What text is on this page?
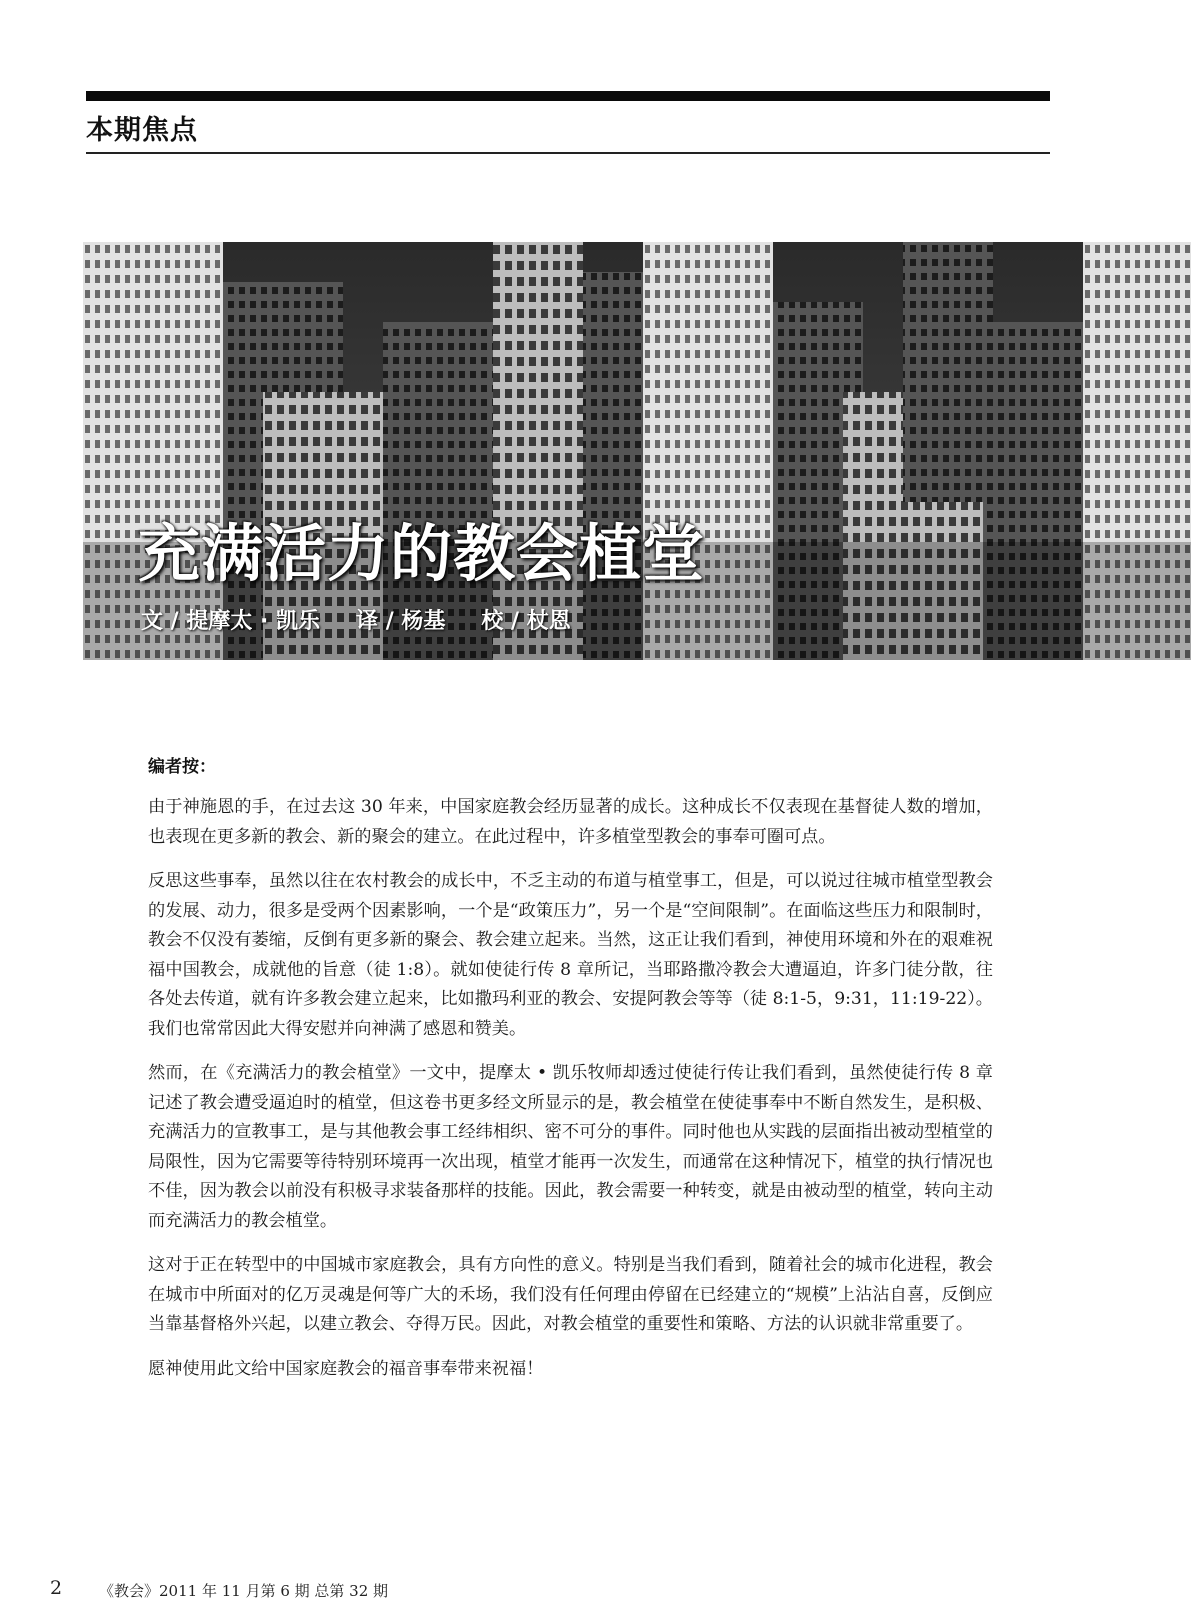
本期焦点
充满活力的教会植堂
文 / 提摩太 · 凯乐 译 / 杨基 校 / 杖恩
编者按：

由于神施恩的手，在过去这 30 年来，中国家庭教会经历显著的成长。这种成长不仅表现在基督徒人数的增加，也表现在更多新的教会、新的聚会的建立。在此过程中，许多植堂型教会的事奉可圈可点。

反思这些事奉，虽然以往在农村教会的成长中，不乏主动的布道与植堂事工，但是，可以说过往城市植堂型教会的发展、动力，很多是受两个因素影响，一个是“政策压力”，另一个是“空间限制”。在面临这些压力和限制时，教会不仅没有萎缩，反倒有更多新的聚会、教会建立起来。当然，这正让我们看到，神使用环境和外在的艰难祝福中国教会，成就他的旨意（徒 1:8）。就如使徒行传 8 章所记，当耶路撒冷教会大遭逼迫，许多门徒分散，往各处去传道，就有许多教会建立起来，比如撒玛利亚的教会、安提阿教会等等（徒 8:1-5，9:31，11:19-22）。我们也常常因此大得安慰并向神满了感恩和赞美。

然而，在《充满活力的教会植堂》一文中，提摩太 • 凯乐牧师却透过使徒行传让我们看到，虽然使徒行传 8 章记述了教会遭受逼迫时的植堂，但这卷书更多经文所显示的是，教会植堂在使徒事奉中不断自然发生，是积极、充满活力的宣教事工，是与其他教会事工经纬相织、密不可分的事件。同时他也从实践的层面指出被动型植堂的局限性，因为它需要等待特别环境再一次出现，植堂才能再一次发生，而通常在这种情况下，植堂的执行情况也不佳，因为教会以前没有积极寻求装备那样的技能。因此，教会需要一种转变，就是由被动型的植堂，转向主动而充满活力的教会植堂。

这对于正在转型中的中国城市家庭教会，具有方向性的意义。特别是当我们看到，随着社会的城市化进程，教会在城市中所面对的亿万灵魂是何等广大的禾场，我们没有任何理由停留在已经建立的“规模”上沾沾自喜，反倒应当靠基督格外兴起，以建立教会、夺得万民。因此，对教会植堂的重要性和策略、方法的认识就非常重要了。

愿神使用此文给中国家庭教会的福音事奉带来祝福！

2 《教会》2011 年 11 月第 6 期 总第 32 期
